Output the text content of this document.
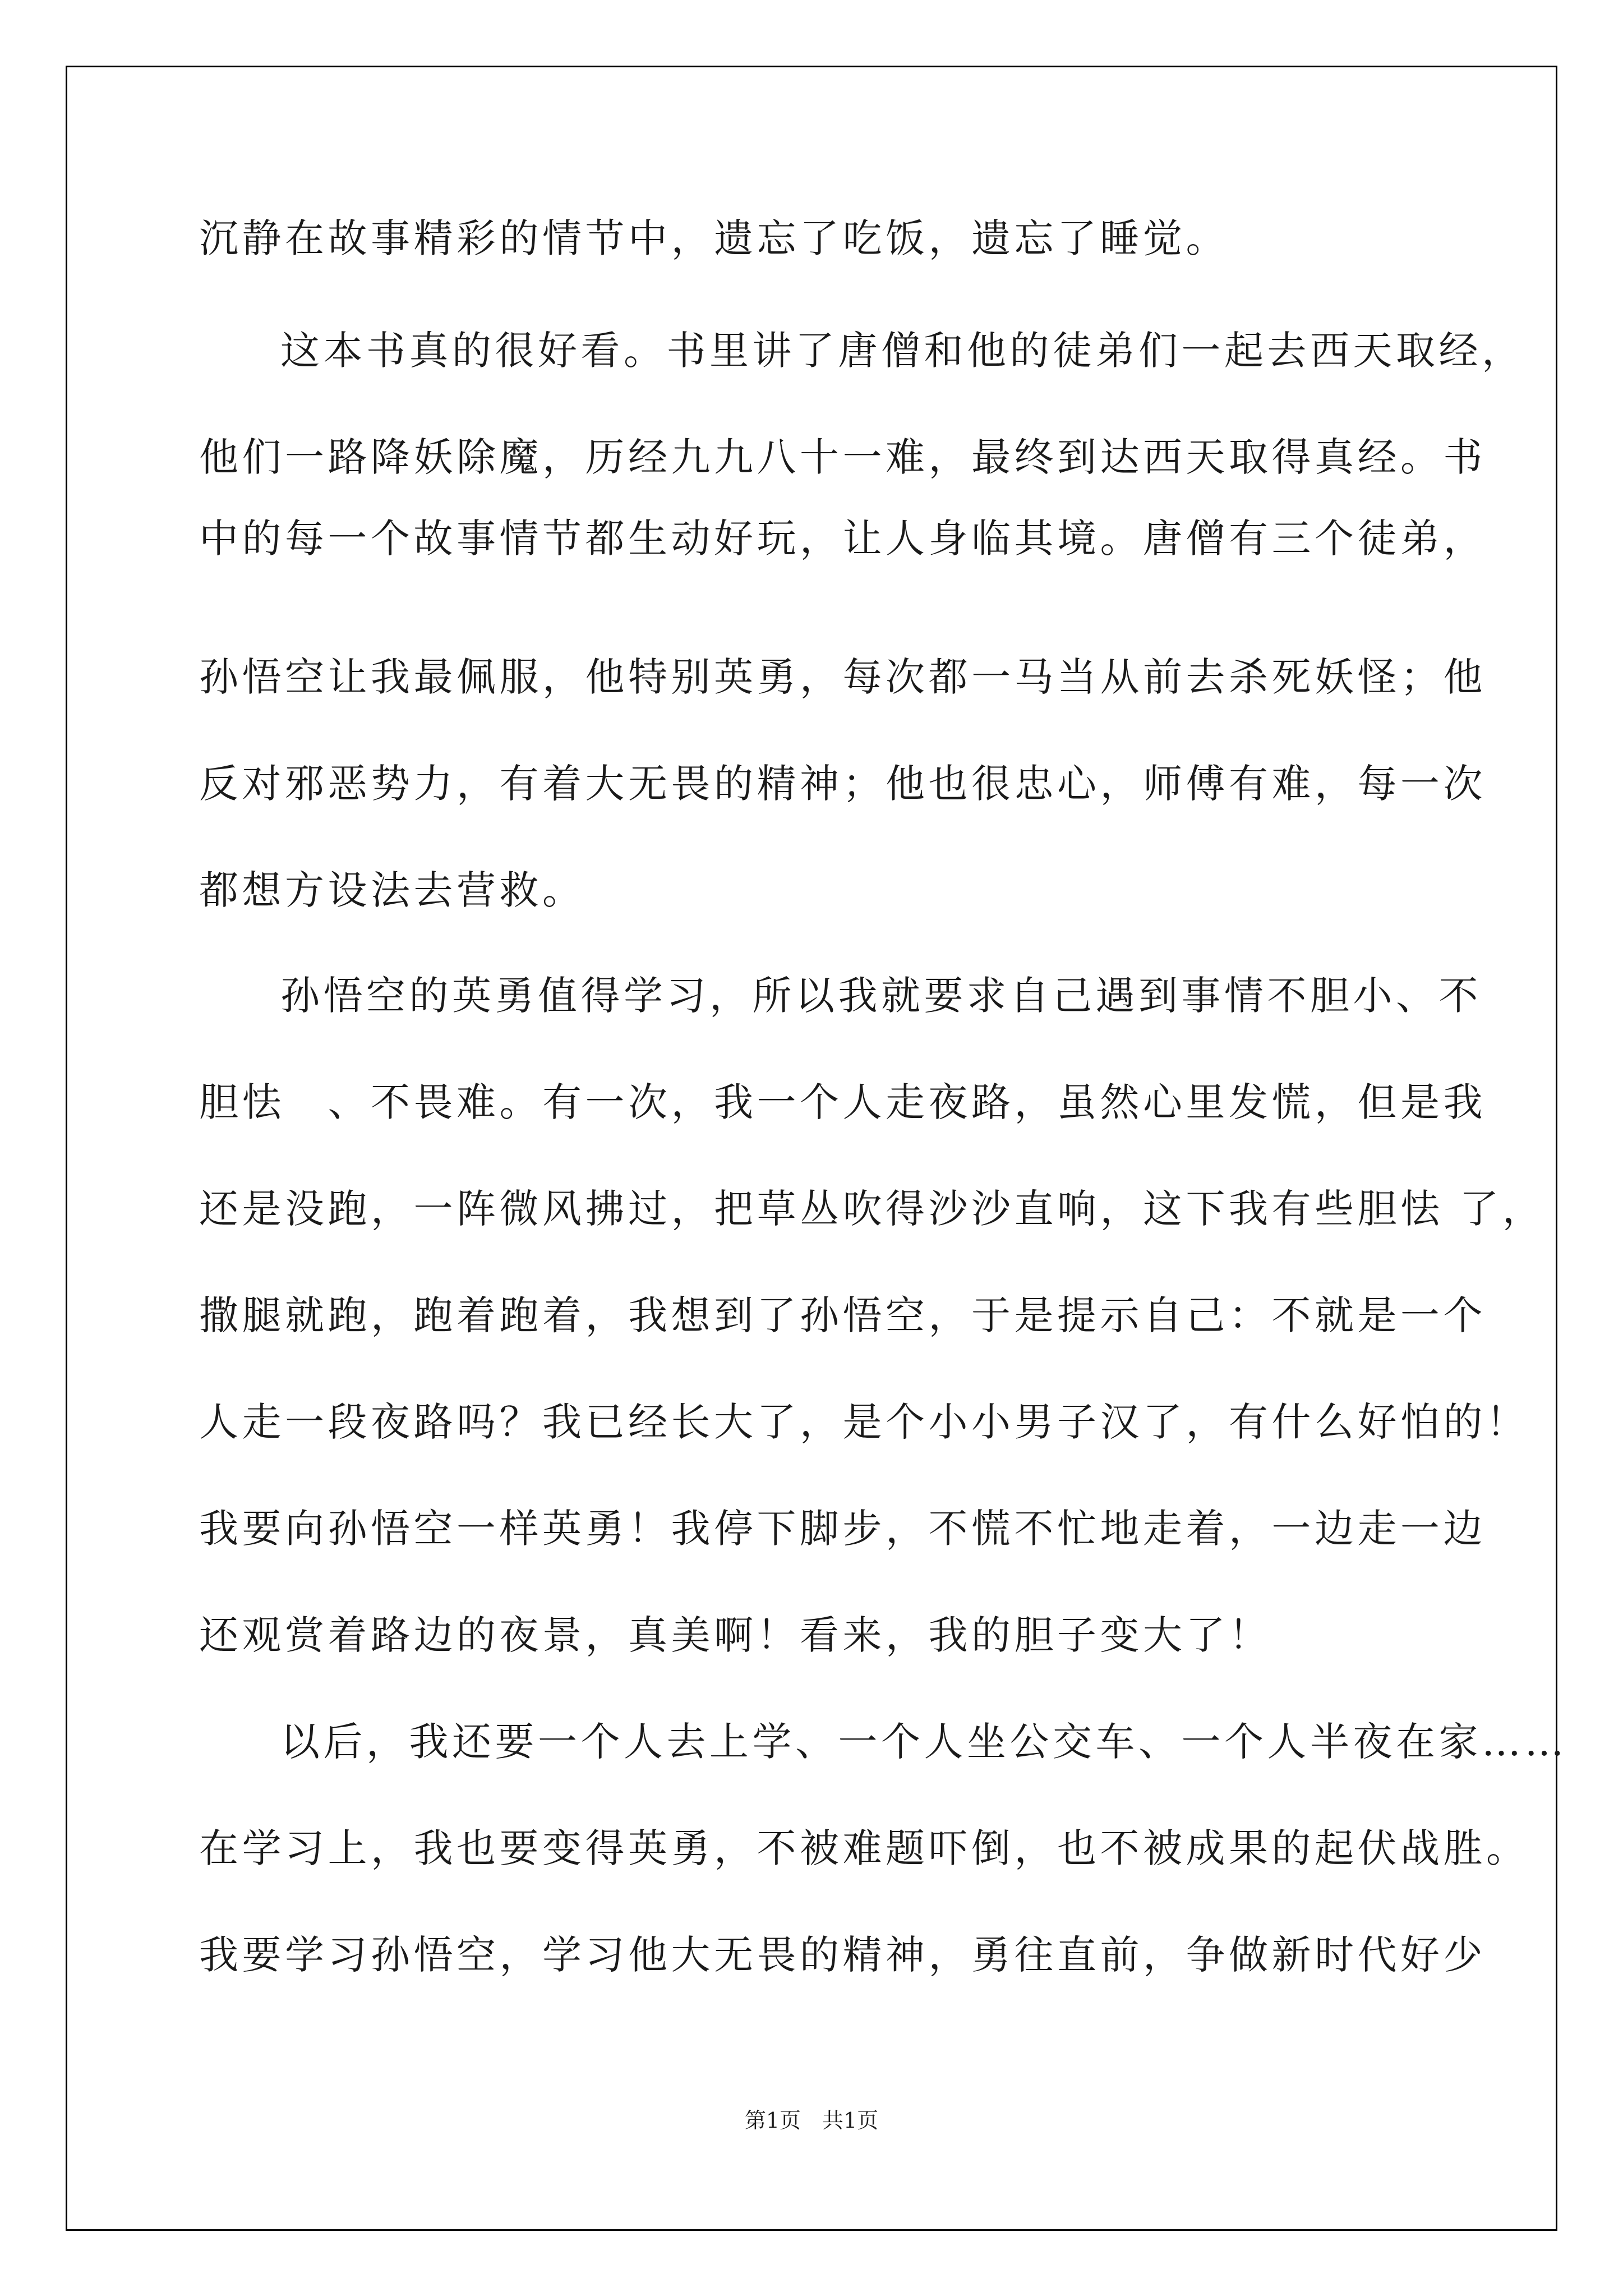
沉静在故事精彩的情节中，遗忘了吃饭，遗忘了睡觉。

这本书真的很好看。书里讲了唐僧和他的徒弟们一起去西天取经，

他们一路降妖除魔，历经九九八十一难，最终到达西天取得真经。书

中的每一个故事情节都生动好玩，让人身临其境。唐僧有三个徒弟，

孙悟空让我最佩服，他特别英勇，每次都一马当从前去杀死妖怪；他

反对邪恶势力，有着大无畏的精神；他也很忠心，师傅有难，每一次

都想方设法去营救。

孙悟空的英勇值得学习，所以我就要求自己遇到事情不胆小、不

胆怯　、不畏难。有一次，我一个人走夜路，虽然心里发慌，但是我

还是没跑，一阵微风拂过，把草丛吹得沙沙直响，这下我有些胆怯 了，

撒腿就跑，跑着跑着，我想到了孙悟空，于是提示自己：不就是一个

人走一段夜路吗？我已经长大了，是个小小男子汉了，有什么好怕的！

我要向孙悟空一样英勇！我停下脚步，不慌不忙地走着，一边走一边

还观赏着路边的夜景，真美啊！看来，我的胆子变大了！

以后，我还要一个人去上学、一个人坐公交车、一个人半夜在家……

在学习上，我也要变得英勇，不被难题吓倒，也不被成果的起伏战胜。

我要学习孙悟空，学习他大无畏的精神，勇往直前，争做新时代好少

第1页　共1页
